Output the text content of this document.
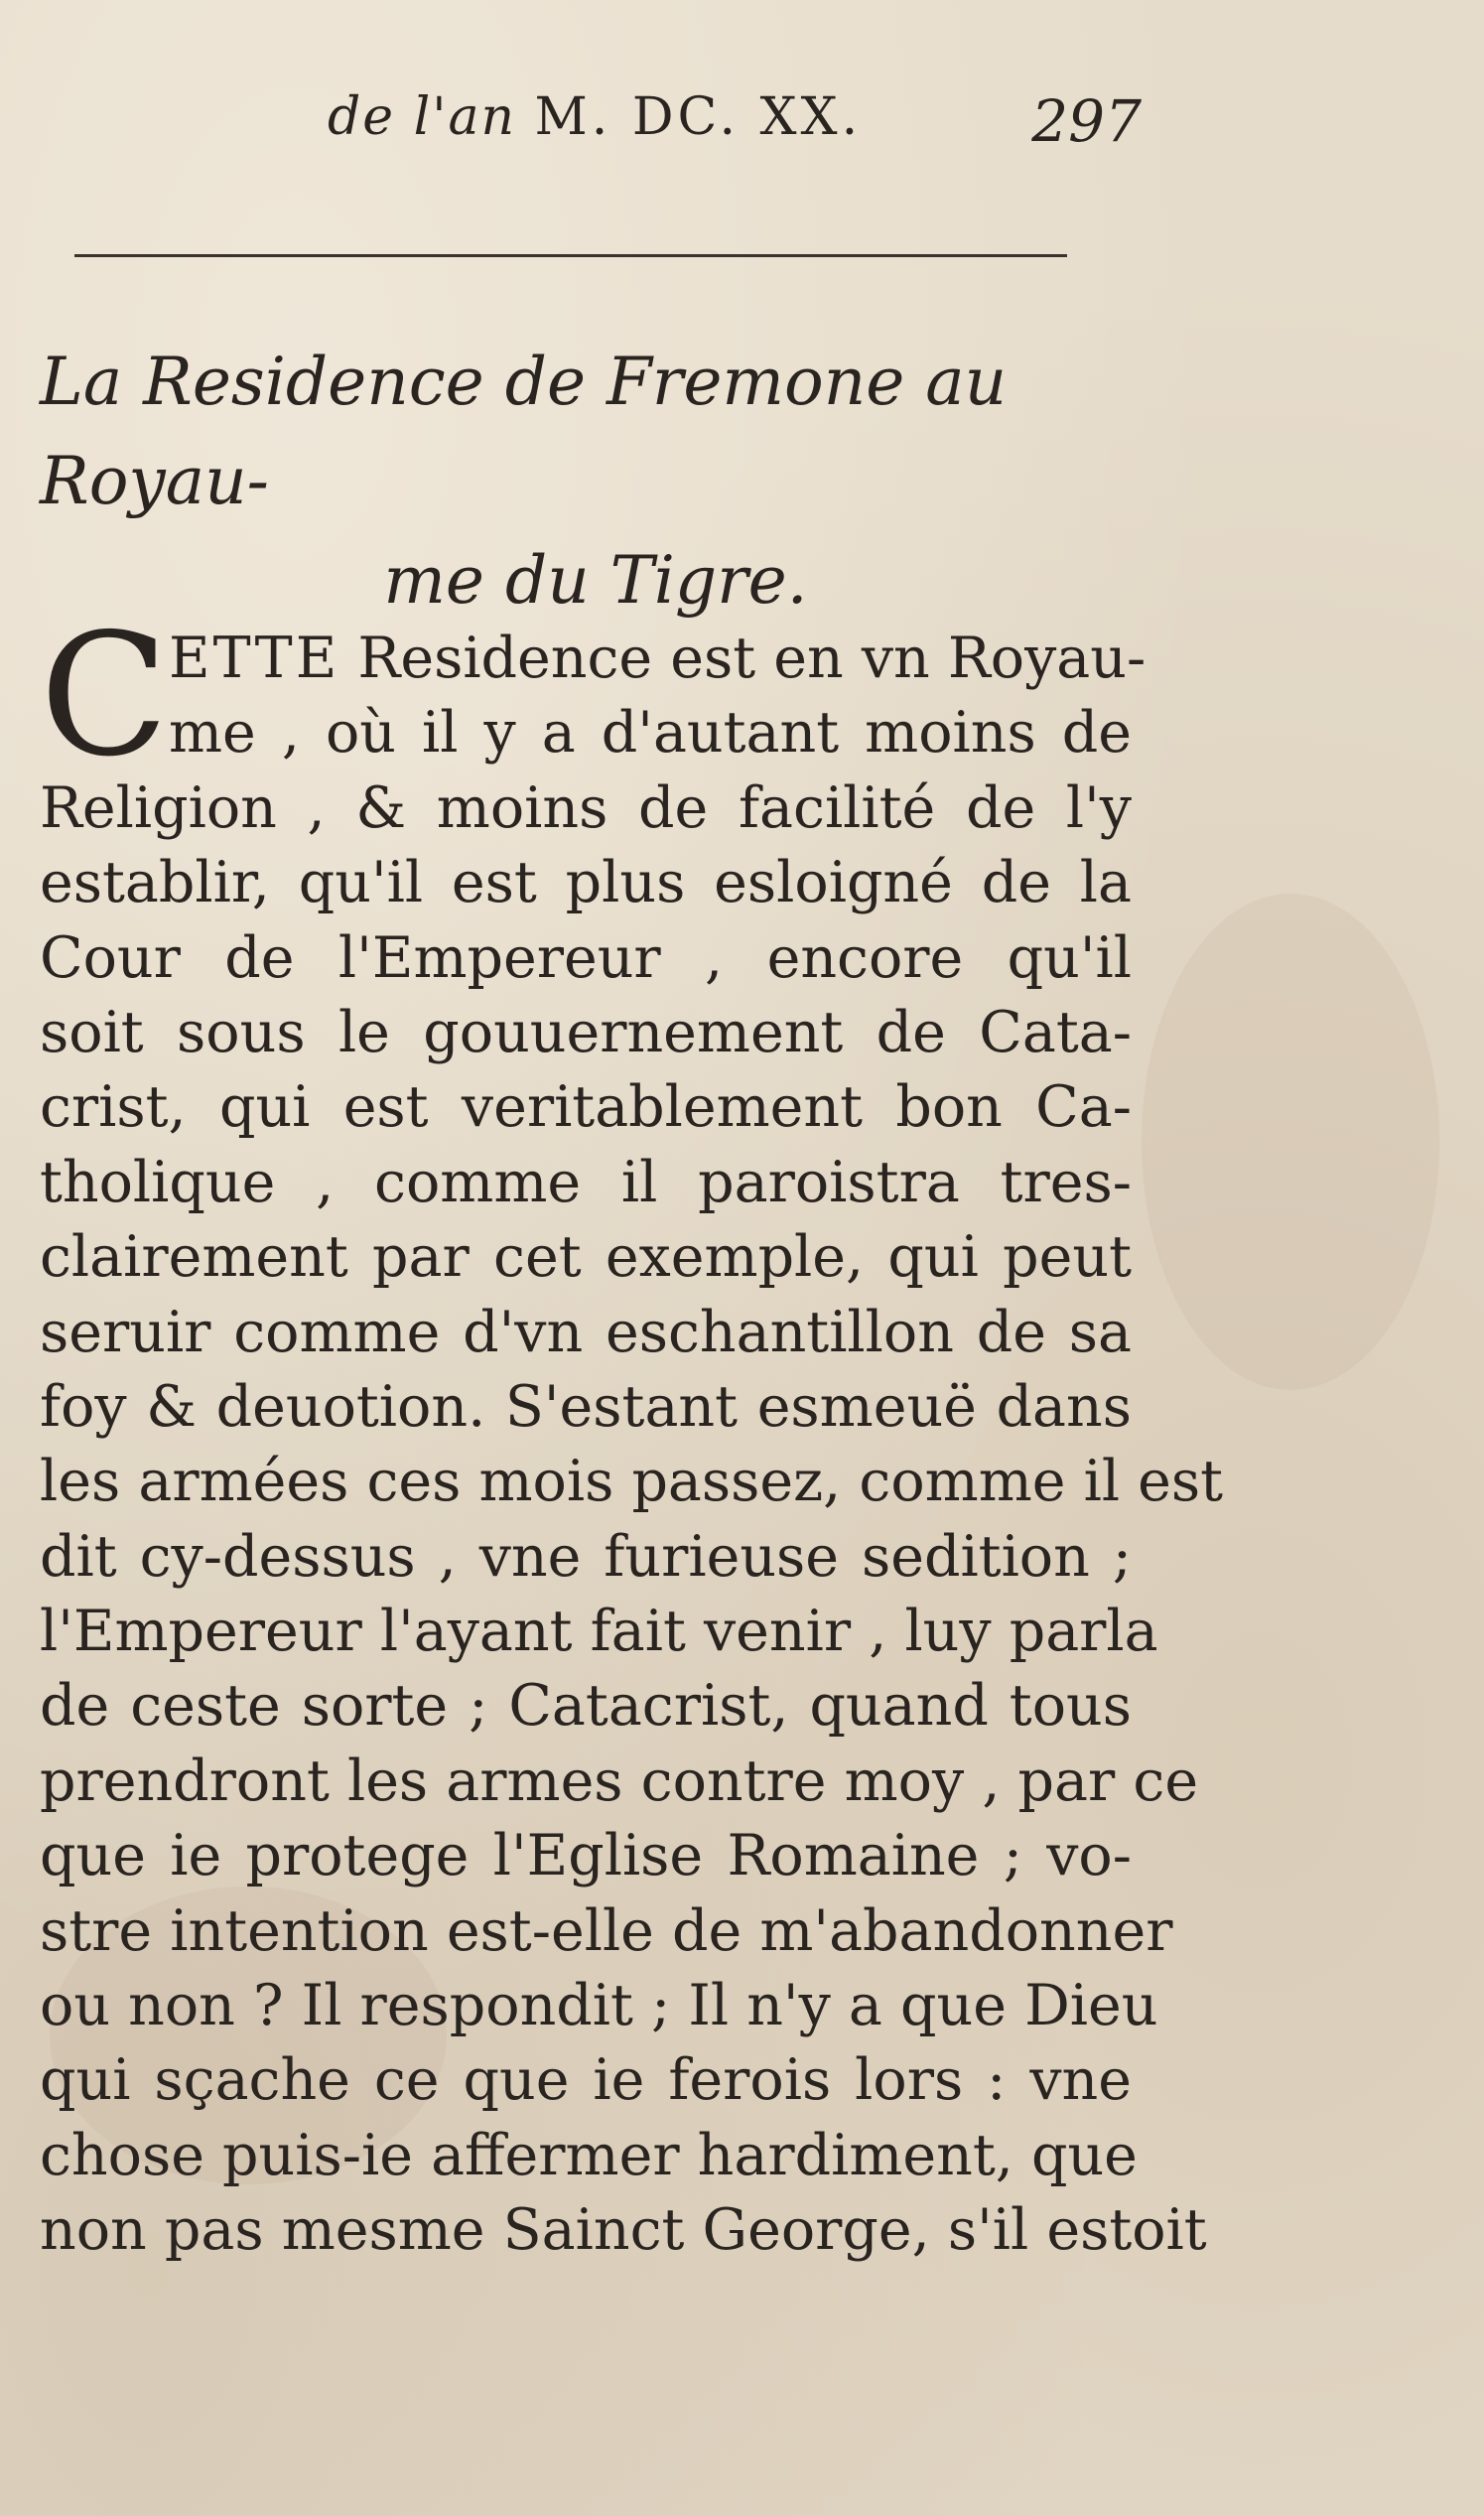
de l'an M. DC. XX.	297
La Residence de Fremone au Royau-
me du Tigre.
C ETTE Residence est en vn Royau-
me , où il y a d'autant moins de
Religion , & moins de facilité de l'y
establir, qu'il est plus esloigné de la
Cour de l'Empereur , encore qu'il
soit sous le gouuernement de Cata-
crist, qui est veritablement bon Ca-
tholique , comme il paroistra tres-
clairement par cet exemple, qui peut
seruir comme d'vn eschantillon de sa
foy & deuotion. S'estant esmeuë dans
les armées ces mois passez, comme il est
dit cy-dessus , vne furieuse sedition ;
l'Empereur l'ayant fait venir , luy parla
de ceste sorte ; Catacrist, quand tous
prendront les armes contre moy , par ce
que ie protege l'Eglise Romaine ; vo-
stre intention est-elle de m'abandonner
ou non ? Il respondit ; Il n'y a que Dieu
qui sçache ce que ie ferois lors : vne
chose puis-ie affermer hardiment, que
non pas mesme Sainct George, s'il estoit
